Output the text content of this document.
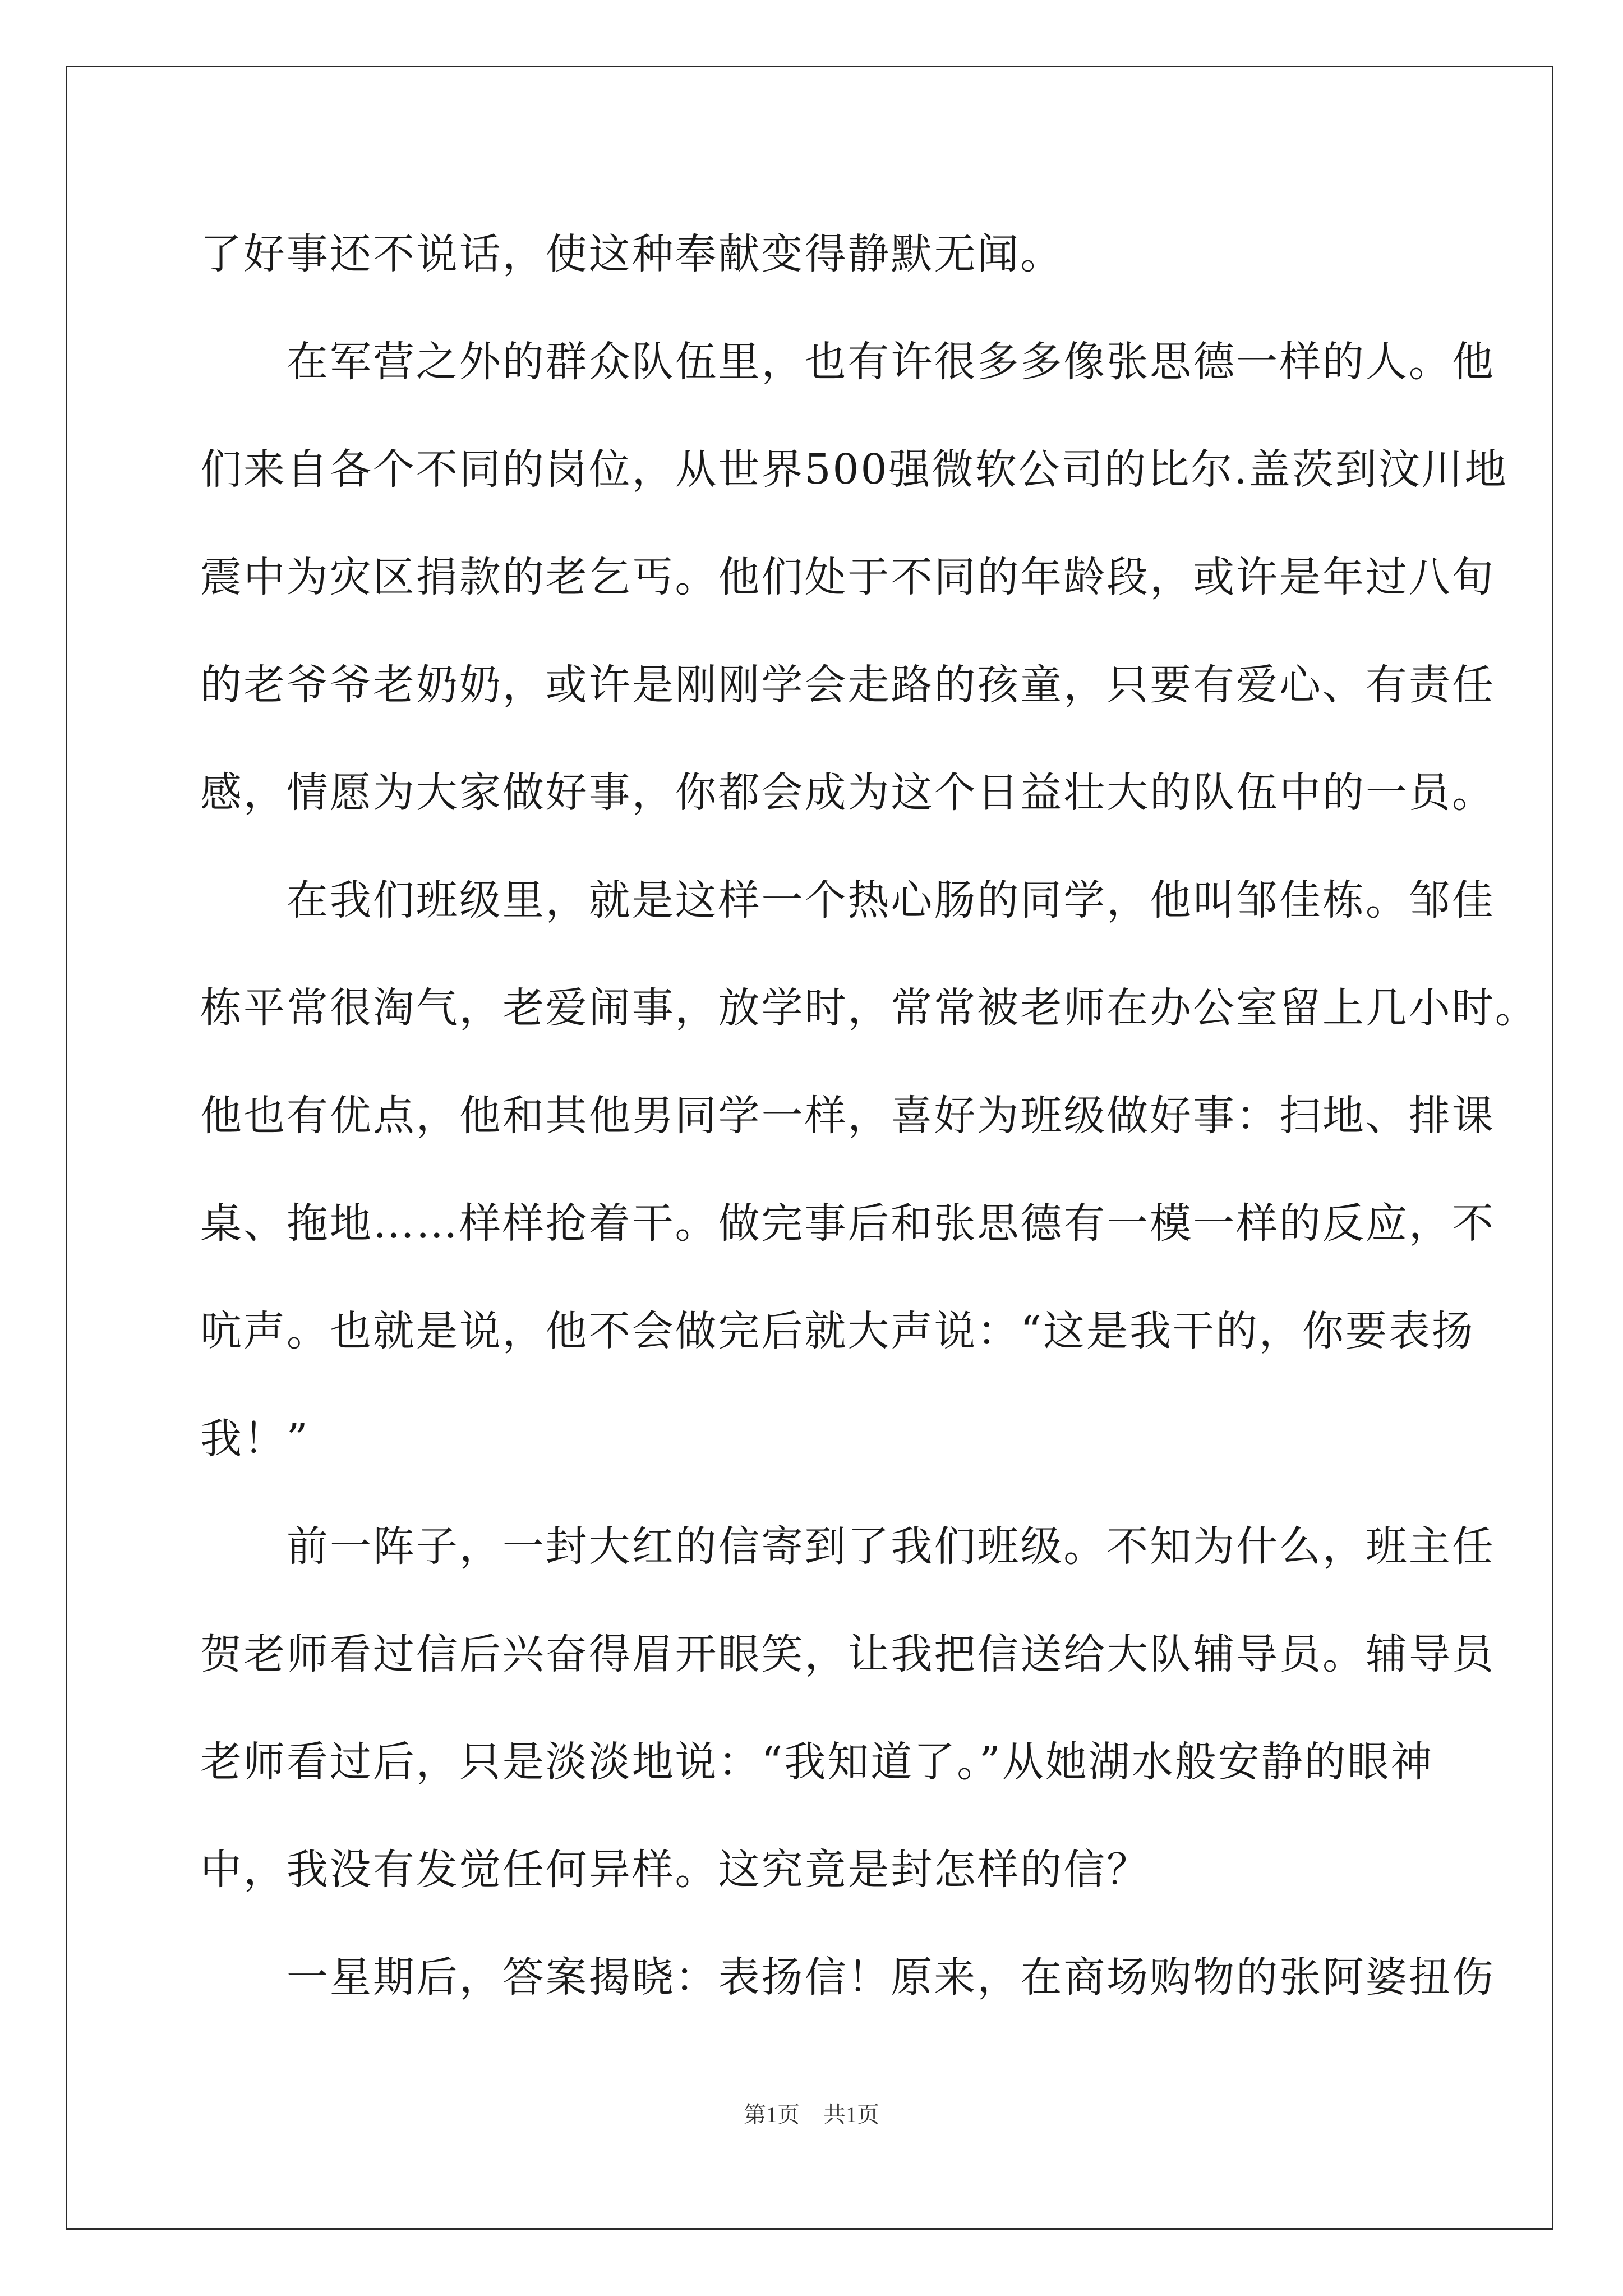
了好事还不说话，使这种奉献变得静默无闻。
　　在军营之外的群众队伍里，也有许很多多像张思德一样的人。他
们来自各个不同的岗位，从世界500强微软公司的比尔.盖茨到汶川地
震中为灾区捐款的老乞丐。他们处于不同的年龄段，或许是年过八旬
的老爷爷老奶奶，或许是刚刚学会走路的孩童，只要有爱心、有责任
感，情愿为大家做好事，你都会成为这个日益壮大的队伍中的一员。
　　在我们班级里，就是这样一个热心肠的同学，他叫邹佳栋。邹佳
栋平常很淘气，老爱闹事，放学时，常常被老师在办公室留上几小时。
他也有优点，他和其他男同学一样，喜好为班级做好事：扫地、排课
桌、拖地……样样抢着干。做完事后和张思德有一模一样的反应，不
吭声。也就是说，他不会做完后就大声说：“这是我干的，你要表扬
我！”
　　前一阵子，一封大红的信寄到了我们班级。不知为什么，班主任
贺老师看过信后兴奋得眉开眼笑，让我把信送给大队辅导员。辅导员
老师看过后，只是淡淡地说：“我知道了。”从她湖水般安静的眼神
中，我没有发觉任何异样。这究竟是封怎样的信？
　　一星期后，答案揭晓：表扬信！原来，在商场购物的张阿婆扭伤
第1页 共1页
